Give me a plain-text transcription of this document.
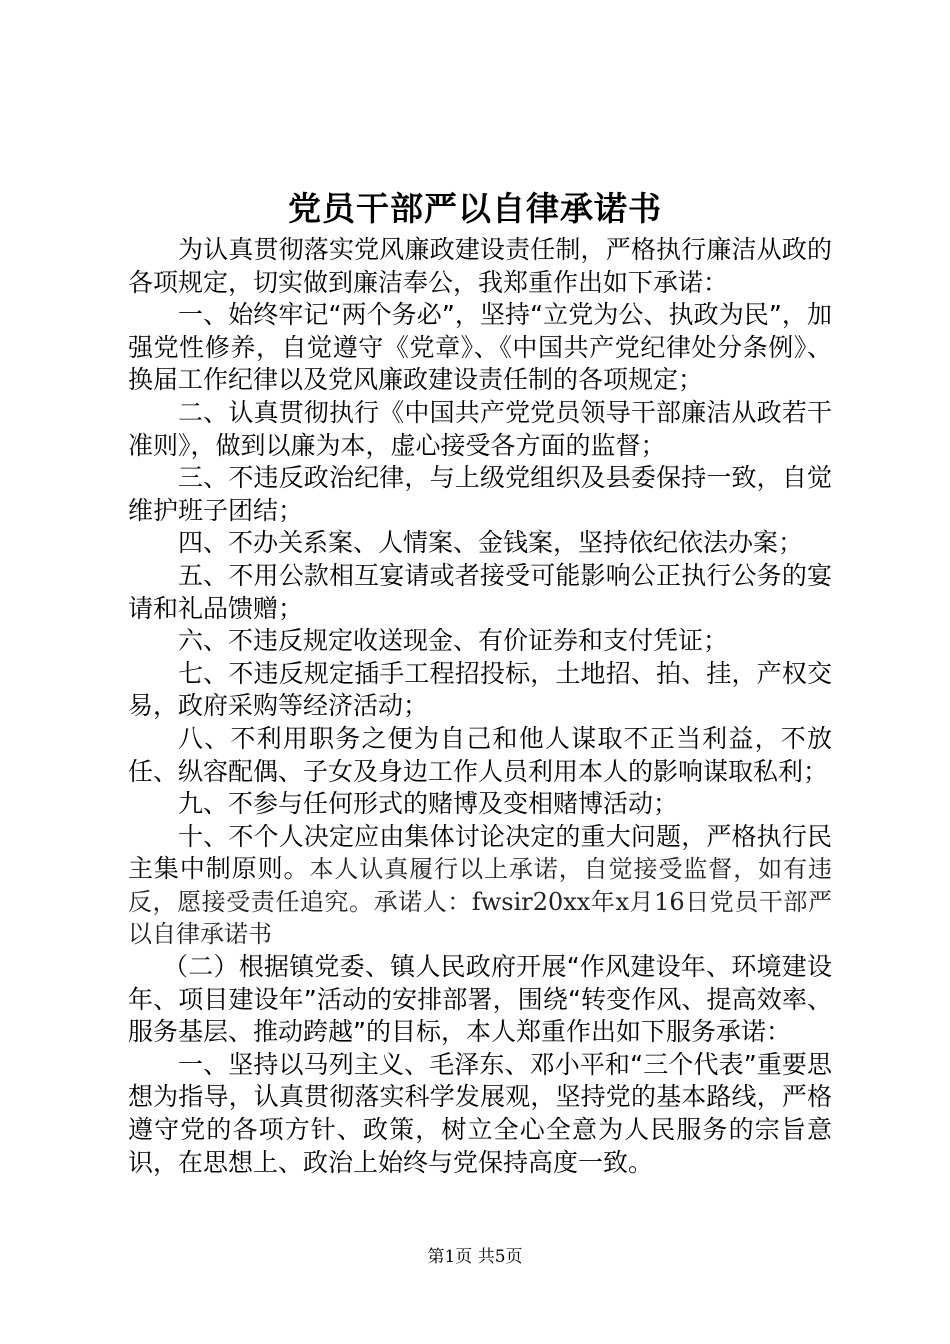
党员干部严以自律承诺书

为认真贯彻落实党风廉政建设责任制，严格执行廉洁从政的各项规定，切实做到廉洁奉公，我郑重作出如下承诺：

一、始终牢记“两个务必”，坚持“立党为公、执政为民”，加强党性修养，自觉遵守《党章》、《中国共产党纪律处分条例》、换届工作纪律以及党风廉政建设责任制的各项规定；

二、认真贯彻执行《中国共产党党员领导干部廉洁从政若干准则》，做到以廉为本，虚心接受各方面的监督；

三、不违反政治纪律，与上级党组织及县委保持一致，自觉维护班子团结；

四、不办关系案、人情案、金钱案，坚持依纪依法办案；

五、不用公款相互宴请或者接受可能影响公正执行公务的宴请和礼品馈赠；

六、不违反规定收送现金、有价证券和支付凭证；

七、不违反规定插手工程招投标，土地招、拍、挂，产权交易，政府采购等经济活动；

八、不利用职务之便为自己和他人谋取不正当利益，不放任、纵容配偶、子女及身边工作人员利用本人的影响谋取私利；

九、不参与任何形式的赌博及变相赌博活动；

十、不个人决定应由集体讨论决定的重大问题，严格执行民主集中制原则。本人认真履行以上承诺，自觉接受监督，如有违反，愿接受责任追究。承诺人：fwsir20xx年x月16日党员干部严以自律承诺书

（二）根据镇党委、镇人民政府开展“作风建设年、环境建设年、项目建设年”活动的安排部署，围绕“转变作风、提高效率、服务基层、推动跨越”的目标，本人郑重作出如下服务承诺：

一、坚持以马列主义、毛泽东、邓小平和“三个代表”重要思想为指导，认真贯彻落实科学发展观，坚持党的基本路线，严格遵守党的各项方针、政策，树立全心全意为人民服务的宗旨意识，在思想上、政治上始终与党保持高度一致。

第1页 共5页
